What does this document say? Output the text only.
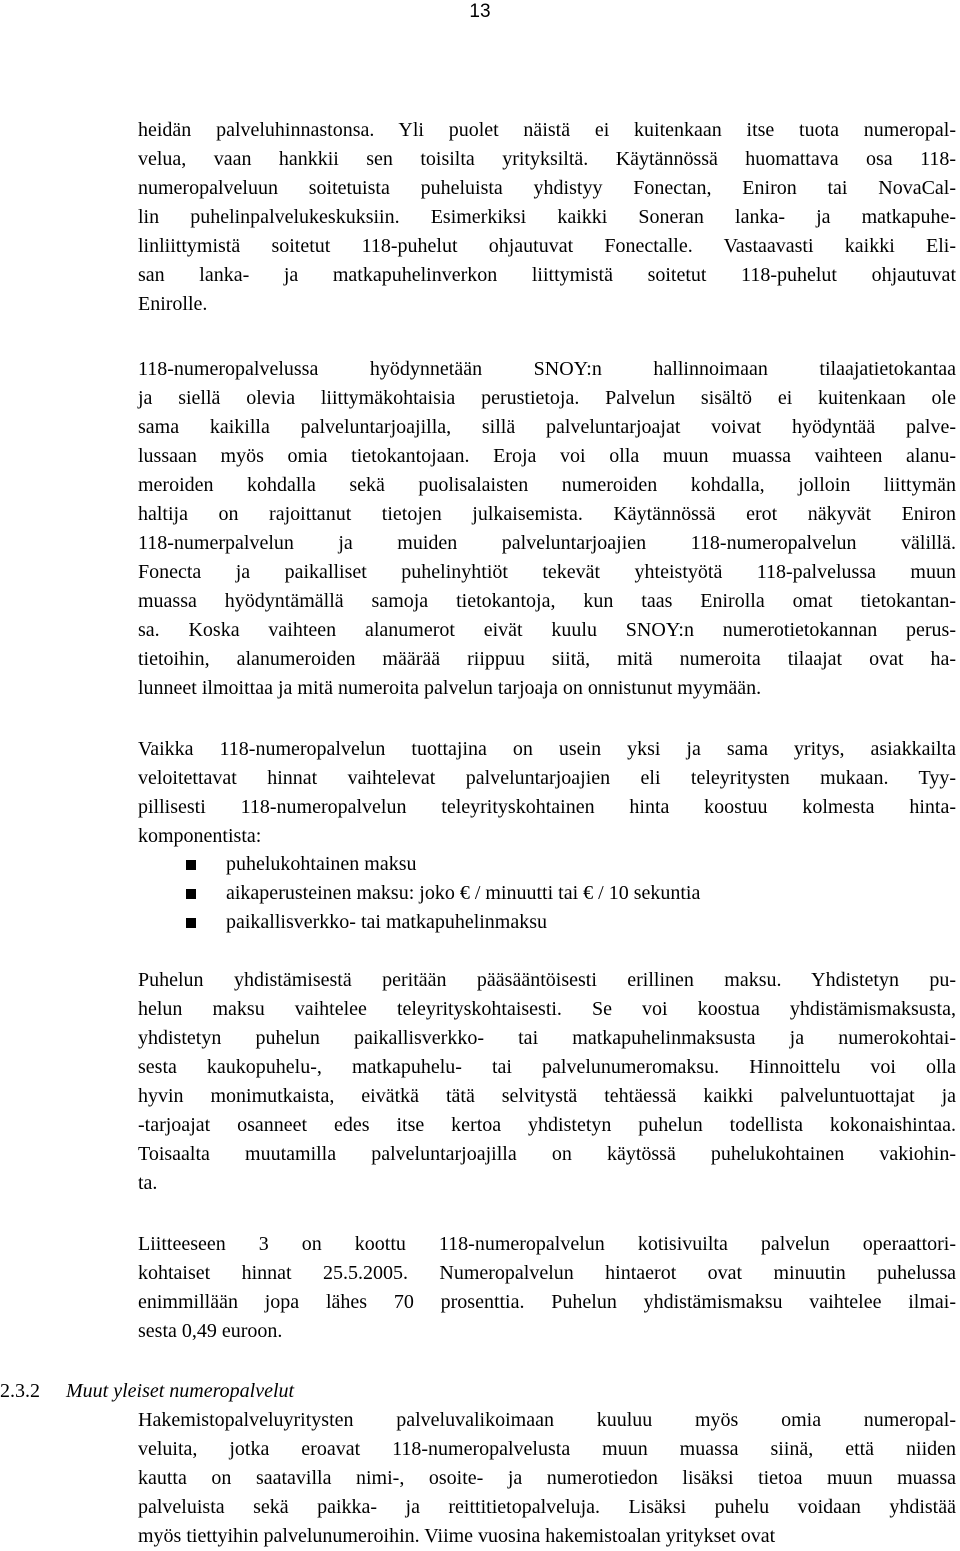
13
heidän palveluhinnastonsa. Yli puolet näistä ei kuitenkaan itse tuota numeropal-
velua, vaan hankkii sen toisilta yrityksiltä. Käytännössä huomattava osa 118-
numeropalveluun soitetuista puheluista yhdistyy Fonectan, Eniron tai NovaCal-
lin puhelinpalvelukeskuksiin. Esimerkiksi kaikki Soneran lanka- ja matkapuhe-
linliittymistä soitetut 118-puhelut ohjautuvat Fonectalle. Vastaavasti kaikki Eli-
san lanka- ja matkapuhelinverkon liittymistä soitetut 118-puhelut ohjautuvat
Enirolle.
118-numeropalvelussa hyödynnetään SNOY:n hallinnoimaan tilaajatietokantaa
ja siellä olevia liittymäkohtaisia perustietoja. Palvelun sisältö ei kuitenkaan ole
sama kaikilla palveluntarjoajilla, sillä palveluntarjoajat voivat hyödyntää palve-
lussaan myös omia tietokantojaan. Eroja voi olla muun muassa vaihteen alanu-
meroiden kohdalla sekä puolisalaisten numeroiden kohdalla, jolloin liittymän
haltija on rajoittanut tietojen julkaisemista. Käytännössä erot näkyvät Eniron
118-numerpalvelun ja muiden palveluntarjoajien 118-numeropalvelun välillä.
Fonecta ja paikalliset puhelinyhtiöt tekevät yhteistyötä 118-palvelussa muun
muassa hyödyntämällä samoja tietokantoja, kun taas Enirolla omat tietokantan-
sa. Koska vaihteen alanumerot eivät kuulu SNOY:n numerotietokannan perus-
tietoihin, alanumeroiden määrää riippuu siitä, mitä numeroita tilaajat ovat ha-
lunneet ilmoittaa ja mitä numeroita palvelun tarjoaja on onnistunut myymään.
Vaikka 118-numeropalvelun tuottajina on usein yksi ja sama yritys, asiakkailta
veloitettavat hinnat vaihtelevat palveluntarjoajien eli teleyritysten mukaan. Tyy-
pillisesti 118-numeropalvelun teleyrityskohtainen hinta koostuu kolmesta hinta-
komponentista:
puhelukohtainen maksu
aikaperusteinen maksu: joko € / minuutti tai € / 10 sekuntia
paikallisverkko- tai matkapuhelinmaksu
Puhelun yhdistämisestä peritään pääsääntöisesti erillinen maksu. Yhdistetyn pu-
helun maksu vaihtelee teleyrityskohtaisesti. Se voi koostua yhdistämismaksusta,
yhdistetyn puhelun paikallisverkko- tai matkapuhelinmaksusta ja numerokohtai-
sesta kaukopuhelu-, matkapuhelu- tai palvelunumeromaksu. Hinnoittelu voi olla
hyvin monimutkaista, eivätkä tätä selvitystä tehtäessä kaikki palveluntuottajat ja
-tarjoajat osanneet edes itse kertoa yhdistetyn puhelun todellista kokonaishintaa.
Toisaalta muutamilla palveluntarjoajilla on käytössä puhelukohtainen vakiohin-
ta.
Liitteeseen 3 on koottu 118-numeropalvelun kotisivuilta palvelun operaattori-
kohtaiset hinnat 25.5.2005. Numeropalvelun hintaerot ovat minuutin puhelussa
enimmillään jopa lähes 70 prosenttia. Puhelun yhdistämismaksu vaihtelee ilmai-
sesta 0,49 euroon.
2.3.2 Muut yleiset numeropalvelut
Hakemistopalveluyritysten palveluvalikoimaan kuuluu myös omia numeropal-
veluita, jotka eroavat 118-numeropalvelusta muun muassa siinä, että niiden
kautta on saatavilla nimi-, osoite- ja numerotiedon lisäksi tietoa muun muassa
palveluista sekä paikka- ja reittitietopalveluja. Lisäksi puhelu voidaan yhdistää
myös tiettyihin palvelunumeroihin. Viime vuosina hakemistoalan yritykset ovat
